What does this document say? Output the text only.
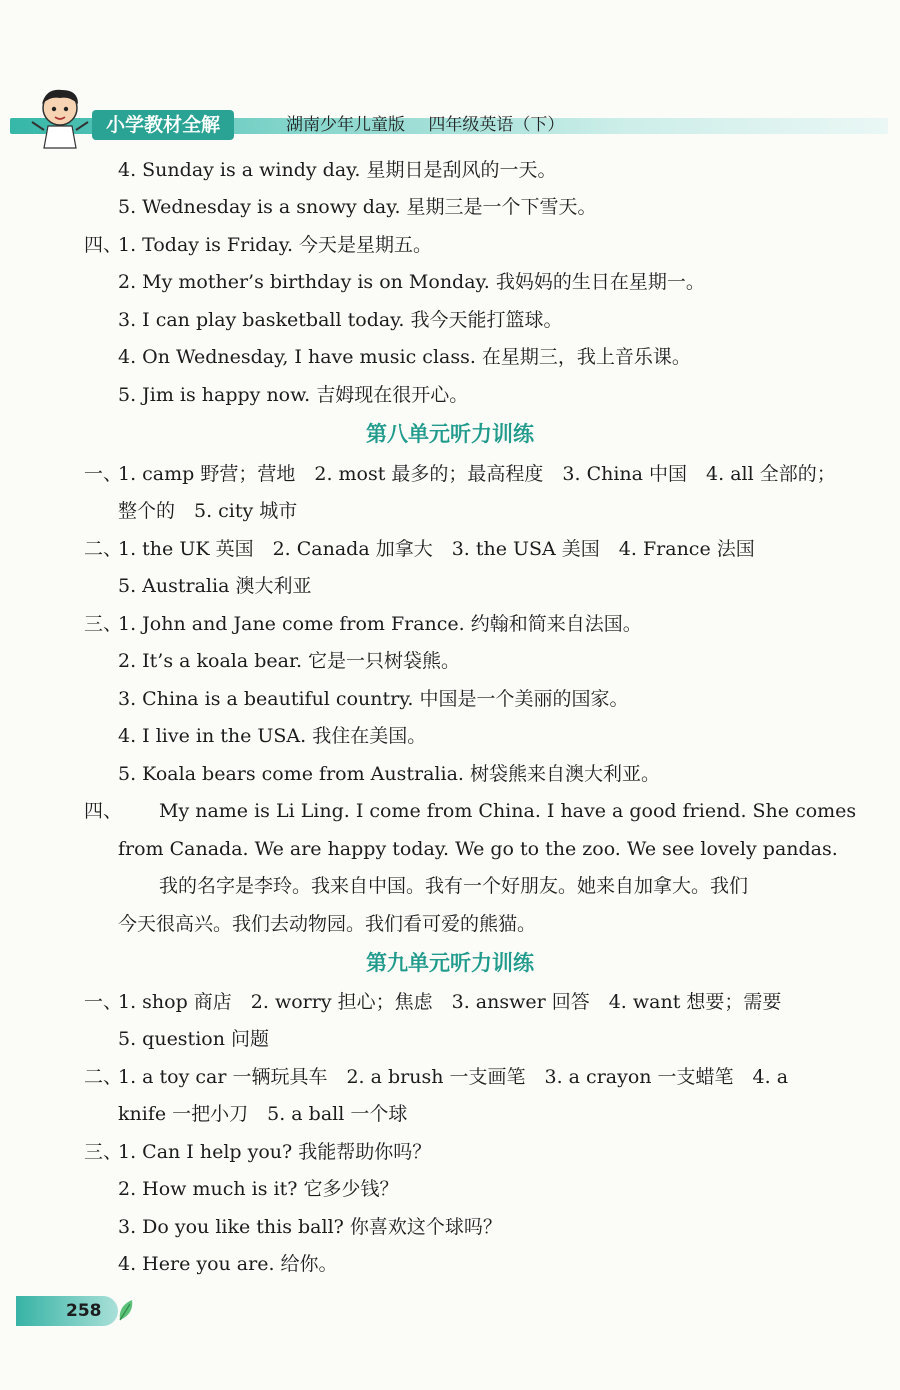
小学教材全解	湖南少年儿童版 四年级英语（下）
4. Sunday is a windy day. 星期日是刮风的一天。
5. Wednesday is a snowy day. 星期三是一个下雪天。
四、
1. Today is Friday. 今天是星期五。
2. My mother’s birthday is on Monday. 我妈妈的生日在星期一。
3. I can play basketball today. 我今天能打篮球。
4. On Wednesday, I have music class. 在星期三，我上音乐课。
5. Jim is happy now. 吉姆现在很开心。
第八单元听力训练
一、
1. camp 野营；营地　2. most 最多的；最高程度　3. China 中国　4. all 全部的；
整个的　5. city 城市
二、
1. the UK 英国　2. Canada 加拿大　3. the USA 美国　4. France 法国
5. Australia 澳大利亚
三、
1. John and Jane come from France. 约翰和简来自法国。
2. It’s a koala bear. 它是一只树袋熊。
3. China is a beautiful country. 中国是一个美丽的国家。
4. I live in the USA. 我住在美国。
5. Koala bears come from Australia. 树袋熊来自澳大利亚。
四、 　My name is Li Ling. I come from China. I have a good friend. She comes
from Canada. We are happy today. We go to the zoo. We see lovely pandas.
　我的名字是李玲。我来自中国。我有一个好朋友。她来自加拿大。我们
今天很高兴。我们去动物园。我们看可爱的熊猫。
第九单元听力训练
一、
1. shop 商店　2. worry 担心；焦虑　3. answer 回答　4. want 想要；需要
5. question 问题
二、
1. a toy car 一辆玩具车　2. a brush 一支画笔　3. a crayon 一支蜡笔　4. a
knife 一把小刀　5. a ball 一个球
三、
1. Can I help you? 我能帮助你吗？
2. How much is it? 它多少钱？
3. Do you like this ball? 你喜欢这个球吗？
4. Here you are. 给你。
258
